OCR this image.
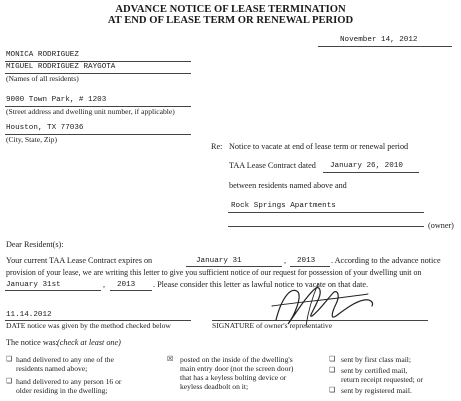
ADVANCE NOTICE OF LEASE TERMINATION
AT END OF LEASE TERM OR RENEWAL PERIOD
November 14, 2012
MONICA RODRIGUEZ
MIGUEL RODRIGUEZ RAYGOTA
(Names of all residents)
9000 Town Park, # 1203
(Street address and dwelling unit number, if applicable)
Houston, TX 77036
(City, State, Zip)
Re: Notice to vacate at end of lease term or renewal period
TAA Lease Contract dated January 26, 2010
between residents named above and
Rock Springs Apartments
(owner)
Dear Resident(s):
Your current TAA Lease Contract expires on	January 31	, 2013 . According to the advance notice
provision of your lease, we are writing this letter to give you sufficient notice of our request for possession of your dwelling unit on
January 31st	, 2013 . Please consider this letter as lawful notice to vacate on that date.
11.14.2012
DATE notice was given by the method checked below	SIGNATURE of owner's representative
The notice was: (check at least one)
❏ hand delivered to any one of the
residents named above;
❏ hand delivered to any person 16 or
older residing in the dwelling;
☒ posted on the inside of the dwelling's
main entry door (not the screen door)
that has a keyless bolting device or
keyless deadbolt on it;
❏ sent by first class mail;
❏ sent by certified mail,
return receipt requested; or
❏ sent by registered mail.
